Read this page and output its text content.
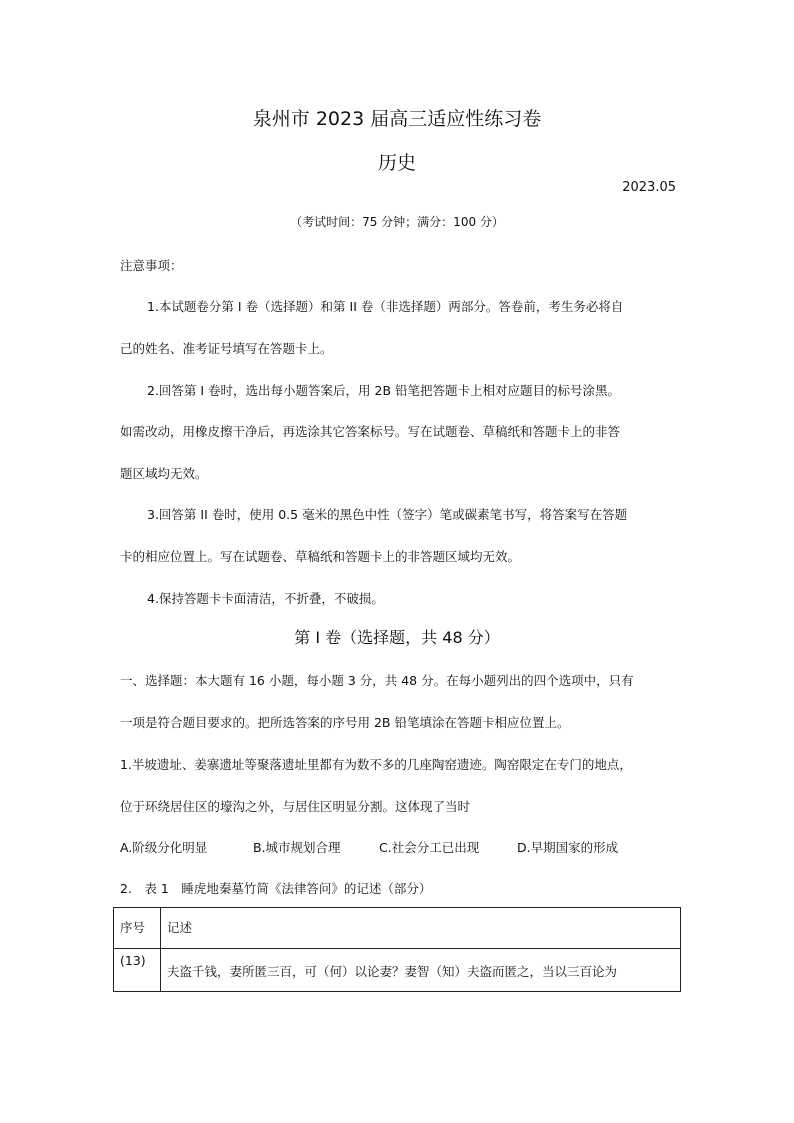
泉州市 2023 届高三适应性练习卷
历史
2023.05
（考试时间：75 分钟；满分：100 分）
注意事项：
1.本试题卷分第 I 卷（选择题）和第 II 卷（非选择题）两部分。答卷前，考生务必将自
己的姓名、准考证号填写在答题卡上。
2.回答第 I 卷时，选出每小题答案后，用 2B 铅笔把答题卡上相对应题目的标号涂黑。
如需改动，用橡皮擦干净后，再选涂其它答案标号。写在试题卷、草稿纸和答题卡上的非答
题区域均无效。
3.回答第 II 卷时，使用 0.5 毫米的黑色中性（签字）笔或碳素笔书写，将答案写在答题
卡的相应位置上。写在试题卷、草稿纸和答题卡上的非答题区域均无效。
4.保持答题卡卡面清洁，不折叠，不破损。
第 I 卷（选择题，共 48 分）
一、选择题：本大题有 16 小题，每小题 3 分，共 48 分。在每小题列出的四个选项中，只有
一项是符合题目要求的。把所选答案的序号用 2B 铅笔填涂在答题卡相应位置上。
1.半坡遗址、姜寨遗址等聚落遗址里都有为数不多的几座陶窑遗迹。陶窑限定在专门的地点，
位于环绕居住区的壕沟之外，与居住区明显分割。这体现了当时
A.阶级分化明显	B.城市规划合理	C.社会分工已出现	D.早期国家的形成
2.　表 1　睡虎地秦墓竹简《法律答问》的记述（部分）
序号	记述

(13)	夫盗千钱，妻所匿三百，可（何）以论妻？妻智（知）夫盗而匿之，当以三百论为
